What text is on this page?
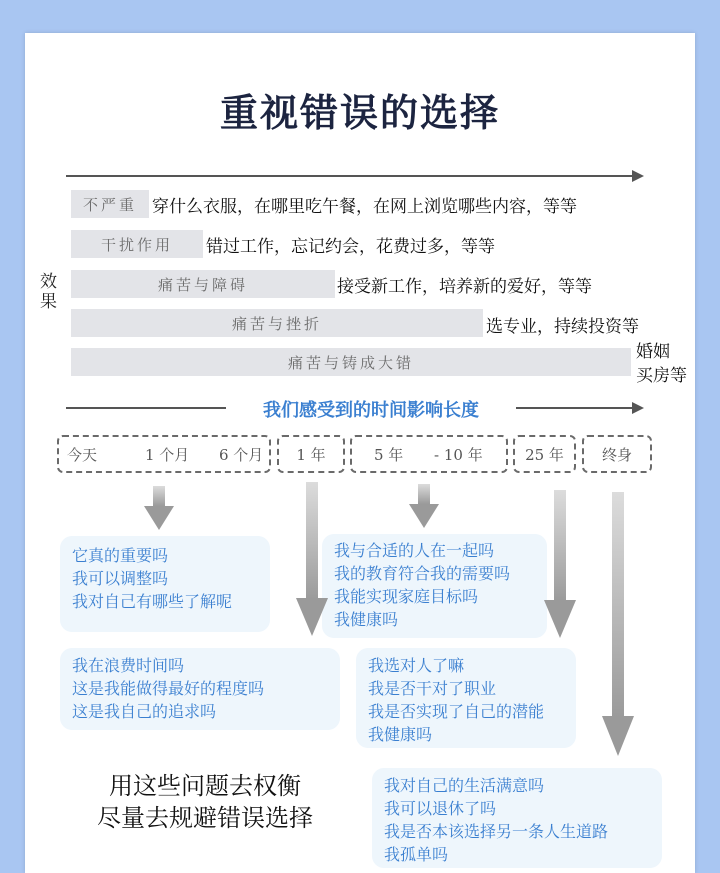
重视错误的选择
效果
不严重 穿什么衣服，在哪里吃午餐，在网上浏览哪些内容，等等
干扰作用 错过工作，忘记约会，花费过多，等等
痛苦与障碍	接受新工作，培养新的爱好，等等
痛苦与挫折	选专业，持续投资等
痛苦与铸成大错
婚姻
买房等
我们感受到的时间影响长度
今天	1 个月 6 个月 1 年	5 年 - 10 年	25 年	终身
它真的重要吗
我可以调整吗
我对自己有哪些了解呢
我在浪费时间吗
这是我能做得最好的程度吗
这是我自己的追求吗
我与合适的人在一起吗
我的教育符合我的需要吗
我能实现家庭目标吗
我健康吗
我选对人了嘛
我是否干对了职业
我是否实现了自己的潜能
我健康吗
我对自己的生活满意吗
我可以退休了吗
我是否本该选择另一条人生道路
我孤单吗
用这些问题去权衡
尽量去规避错误选择
